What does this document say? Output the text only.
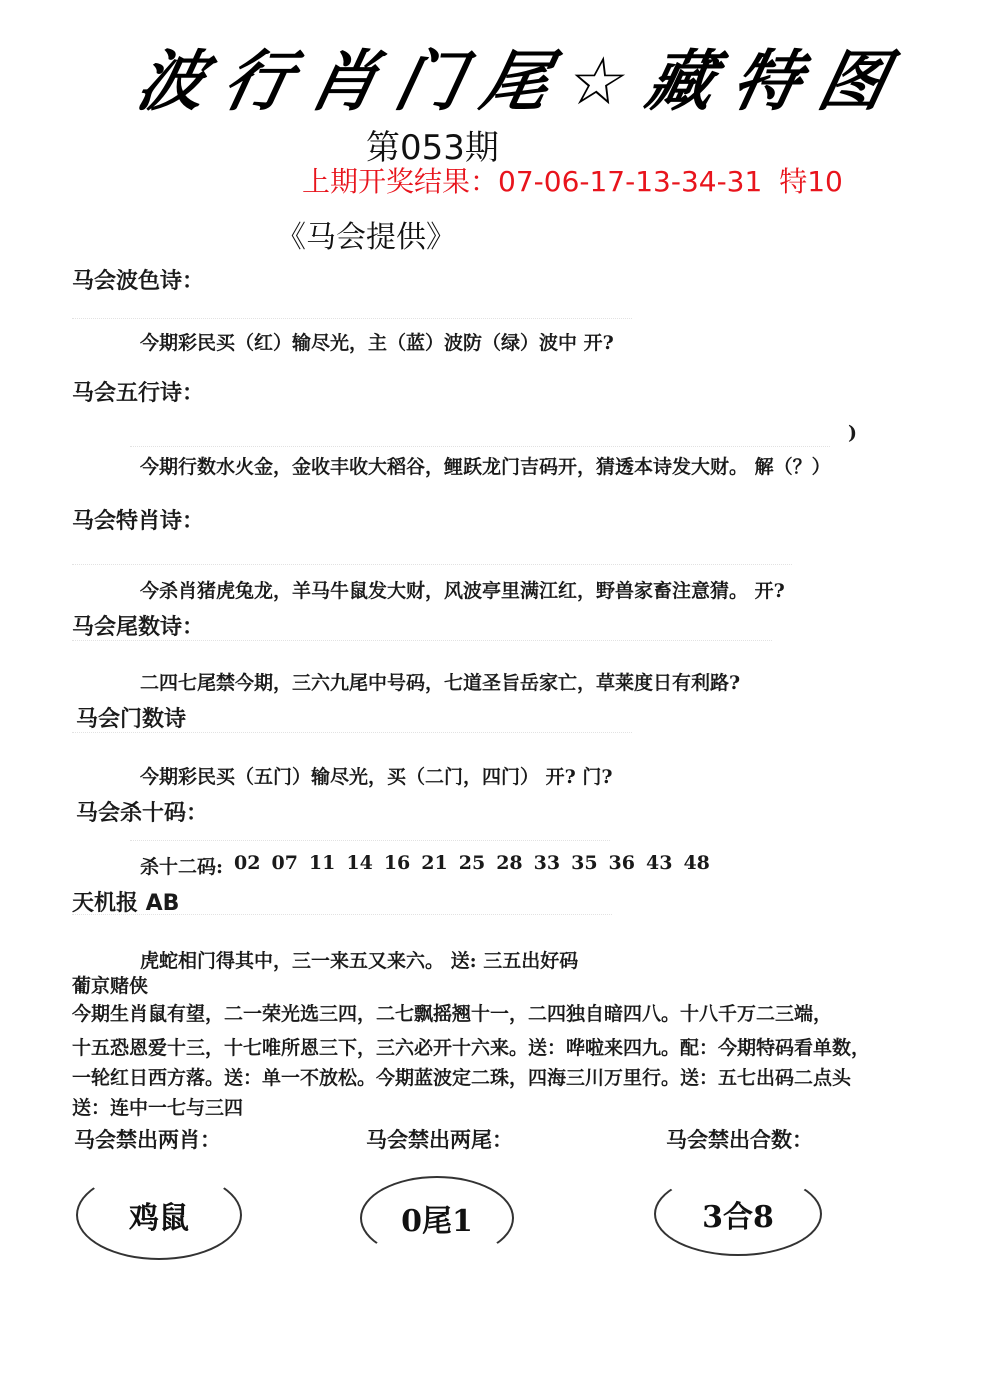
波行肖门尾☆藏特图
第053期
上期开奖结果：07-06-17-13-34-31 特10
《马会提供》
马会波色诗：
今期彩民买（红）输尽光，主（蓝）波防（绿）波中 开?
马会五行诗：
)
今期行数水火金，金收丰收大稻谷，鲤跃龙门吉码开，猜透本诗发大财。 解（？）
马会特肖诗：
今杀肖猪虎兔龙，羊马牛鼠发大财，风波亭里满江红，野兽家畜注意猜。 开?
马会尾数诗：
二四七尾禁今期，三六九尾中号码，七道圣旨岳家亡，草莱度日有利路?
马会门数诗
今期彩民买（五门）输尽光，买（二门，四门） 开? 门?
马会杀十码：
杀十二码: 02 07 11 14 16 21 25 28 33 35 36 43 48
天机报 AB
虎蛇相门得其中，三一来五又来六。 送: 三五出好码
葡京赌侠
今期生肖鼠有望，二一荣光选三四，二七飘摇翘十一，二四独自暗四八。十八千万二三端，
十五恐恩爱十三，十七唯所恩三下，三六必开十六来。送：哗啦来四九。配：今期特码看单数，
一轮红日西方落。送：单一不放松。今期蓝波定二珠，四海三川万里行。送：五七出码二点头
送：连中一七与三四
马会禁出两肖：	马会禁出两尾：	马会禁出合数：
鸡鼠	0尾1	3合8
